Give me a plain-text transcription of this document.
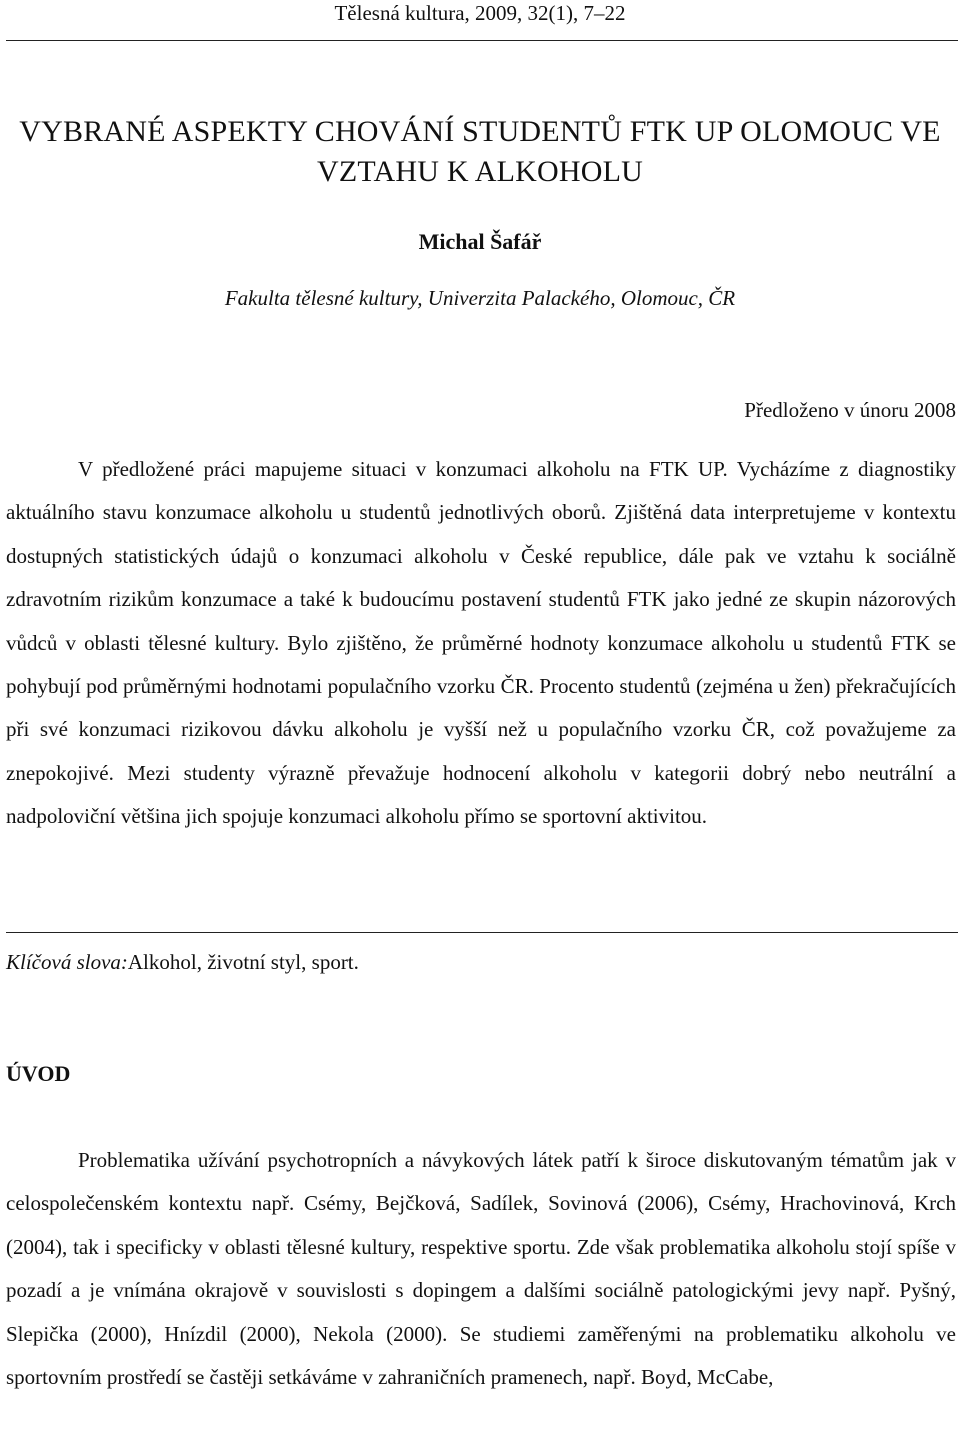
Tělesná kultura, 2009, 32(1), 7–22
VYBRANÉ ASPEKTY CHOVÁNÍ STUDENTŮ FTK UP OLOMOUC VE
VZTAHU K ALKOHOLU
Michal Šafář
Fakulta tělesné kultury, Univerzita Palackého, Olomouc, ČR
Předloženo v únoru 2008

V předložené práci mapujeme situaci v konzumaci alkoholu na FTK UP. Vycházíme z diagnostiky aktuálního stavu konzumace alkoholu u studentů jednotlivých oborů. Zjištěná data interpretujeme v kontextu dostupných statistických údajů o konzumaci alkoholu v České republice, dále pak ve vztahu k sociálně zdravotním rizikům konzumace a také k budoucímu postavení studentů FTK jako jedné ze skupin názorových vůdců v oblasti tělesné kultury. Bylo zjištěno, že průměrné hodnoty konzumace alkoholu u studentů FTK se pohybují pod průměrnými hodnotami populačního vzorku ČR. Procento studentů (zejména u žen) překračujících při své konzumaci rizikovou dávku alkoholu je vyšší než u populačního vzorku ČR, což považujeme za znepokojivé. Mezi studenty výrazně převažuje hodnocení alkoholu v kategorii dobrý nebo neutrální a nadpoloviční většina jich spojuje konzumaci alkoholu přímo se sportovní aktivitou.

Klíčová slova:Alkohol, životní styl, sport.
ÚVOD

Problematika užívání psychotropních a návykových látek patří k široce diskutovaným tématům jak v celospolečenském kontextu např. Csémy, Bejčková, Sadílek, Sovinová (2006), Csémy, Hrachovinová, Krch (2004), tak i specificky v oblasti tělesné kultury, respektive sportu. Zde však problematika alkoholu stojí spíše v pozadí a je vnímána okrajově v souvislosti s dopingem a dalšími sociálně patologickými jevy např. Pyšný, Slepička (2000), Hnízdil (2000), Nekola (2000). Se studiemi zaměřenými na problematiku alkoholu ve sportovním prostředí se častěji setkáváme v zahraničních pramenech, např. Boyd, McCabe,
